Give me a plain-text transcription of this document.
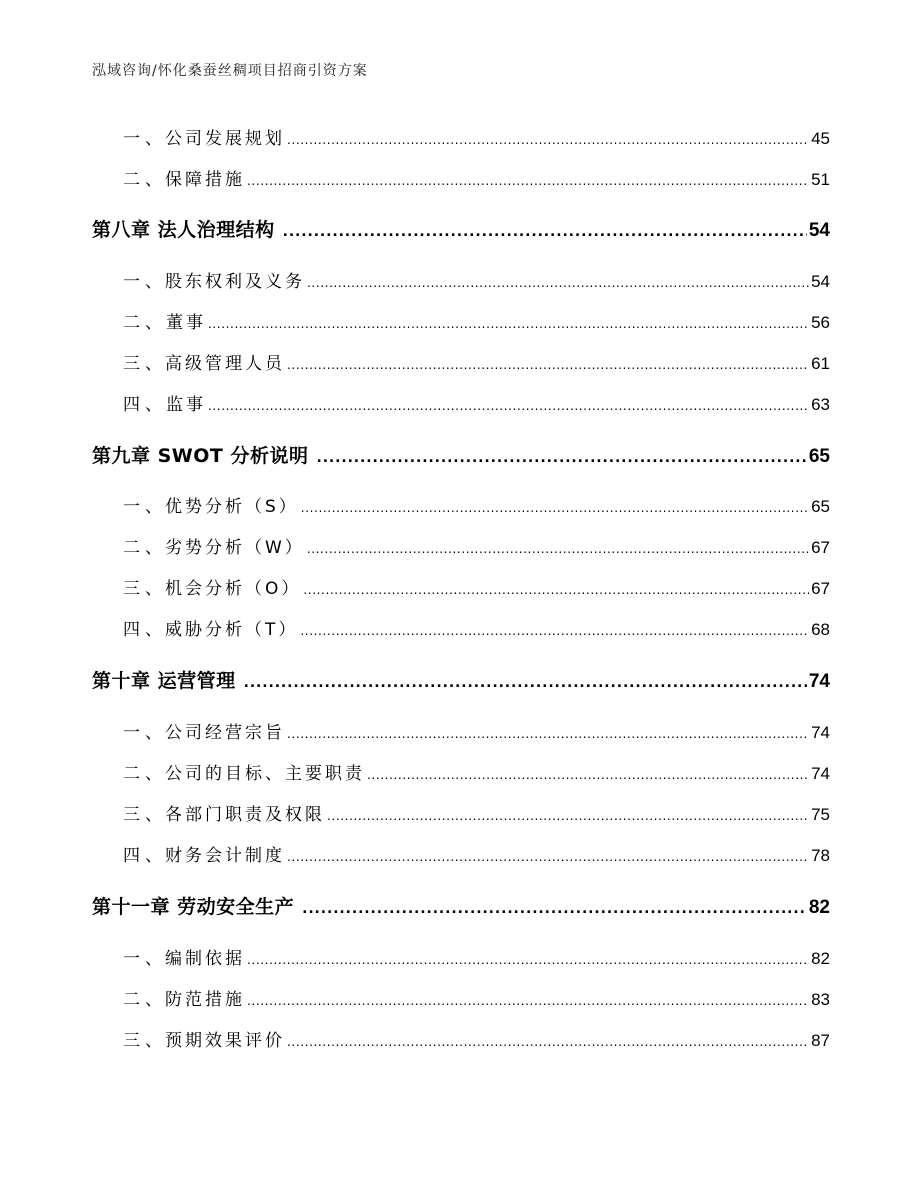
泓域咨询/怀化桑蚕丝稠项目招商引资方案
一 、 公司发展规划 .....	45
二 、 保障措施 .....	51
第八章 法人治理结构 .....	54
一 、 股东权利及义务 .....	54
二 、 董事 .....	56
三 、 高级管理人员 .....	61
四 、 监事 .....	63
第九章 SWOT 分析说明 .....	65
一 、 优势分析（S） .....	65
二 、 劣势分析（W） .....	67
三 、 机会分析（O） .....	67
四 、 威胁分析（T） .....	68
第十章 运营管理 .....	74
一 、 公司经营宗旨 .....	74
二 、 公司的目标、主要职责 .....	74
三 、 各部门职责及权限 .....	75
四 、 财务会计制度 .....	78
第十一章 劳动安全生产 .....	82
一 、 编制依据 .....	82
二 、 防范措施 .....	83
三 、 预期效果评价 .....	87
